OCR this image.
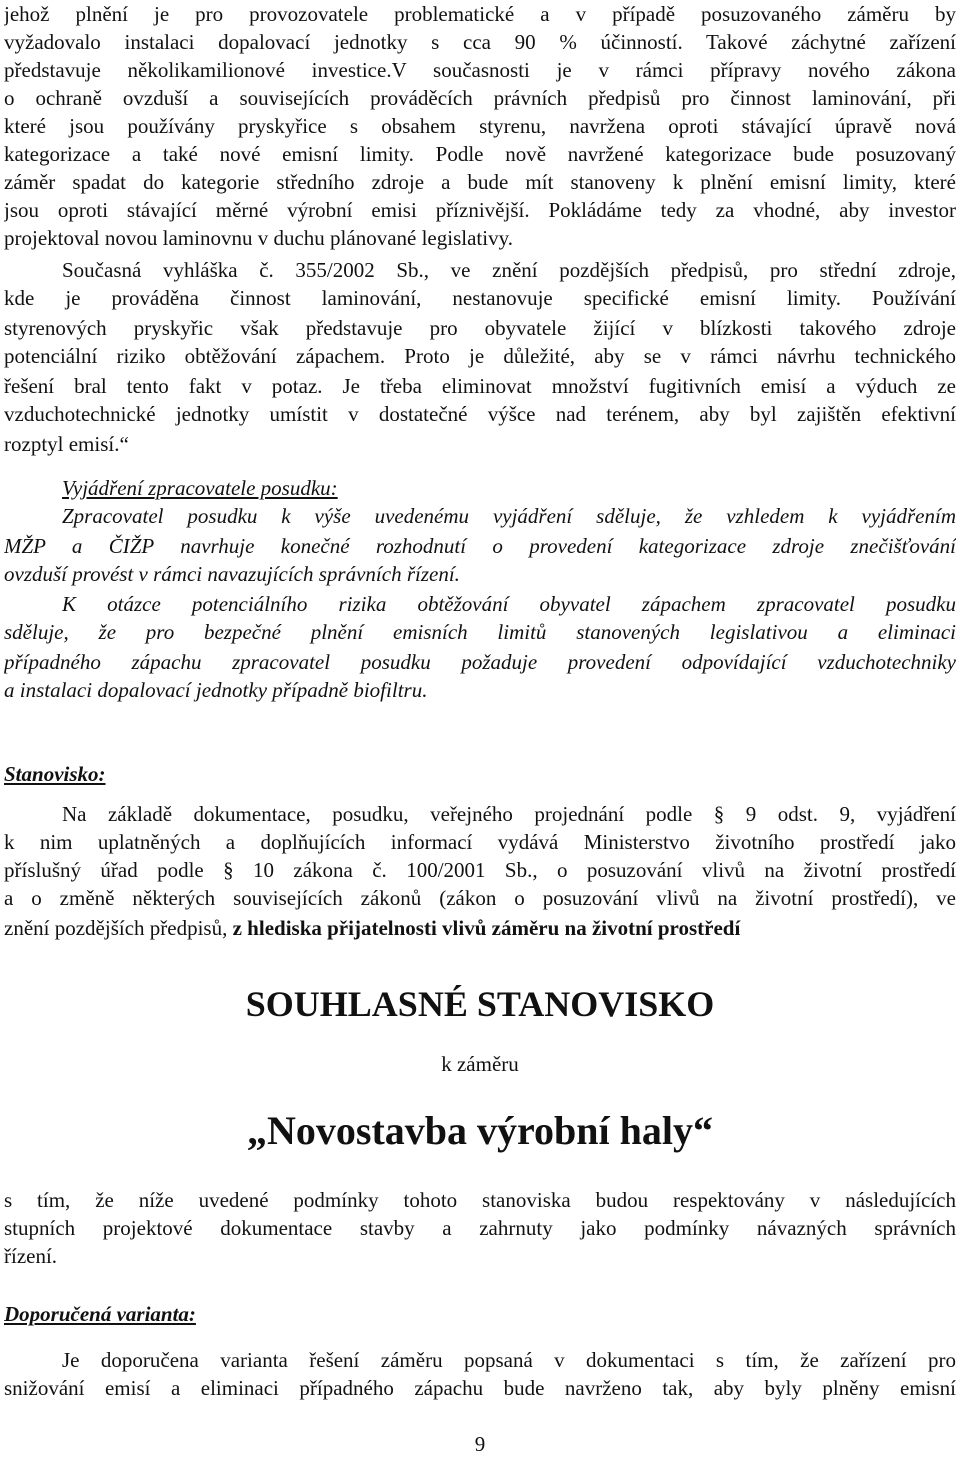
jehož plnění je pro provozovatele problematické a v případě posuzovaného záměru by
vyžadovalo instalaci dopalovací jednotky s cca 90 % účinností. Takové záchytné zařízení
představuje několikamilionové investice.V současnosti je v rámci přípravy nového zákona
o ochraně ovzduší a souvisejících prováděcích právních předpisů pro činnost laminování, při
které jsou používány pryskyřice s obsahem styrenu, navržena oproti stávající úpravě nová
kategorizace a také nové emisní limity. Podle nově navržené kategorizace bude posuzovaný
záměr spadat do kategorie středního zdroje a bude mít stanoveny k plnění emisní limity, které
jsou oproti stávající měrné výrobní emisi příznivější. Pokládáme tedy za vhodné, aby investor
projektoval novou laminovnu v duchu plánované legislativy.
Současná vyhláška č. 355/2002 Sb., ve znění pozdějších předpisů, pro střední zdroje,
kde je prováděna činnost laminování, nestanovuje specifické emisní limity. Používání
styrenových pryskyřic však představuje pro obyvatele žijící v blízkosti takového zdroje
potenciální riziko obtěžování zápachem. Proto je důležité, aby se v rámci návrhu technického
řešení bral tento fakt v potaz. Je třeba eliminovat množství fugitivních emisí a výduch ze
vzduchotechnické jednotky umístit v dostatečné výšce nad terénem, aby byl zajištěn efektivní
rozptyl emisí.“
Vyjádření zpracovatele posudku:
Zpracovatel posudku k výše uvedenému vyjádření sděluje, že vzhledem k vyjádřením
MŽP a ČIŽP navrhuje konečné rozhodnutí o provedení kategorizace zdroje znečišťování
ovzduší provést v rámci navazujících správních řízení.
K otázce potenciálního rizika obtěžování obyvatel zápachem zpracovatel posudku
sděluje, že pro bezpečné plnění emisních limitů stanovených legislativou a eliminaci
případného zápachu zpracovatel posudku požaduje provedení odpovídající vzduchotechniky
a instalaci dopalovací jednotky případně biofiltru.
Stanovisko:
Na základě dokumentace, posudku, veřejného projednání podle § 9 odst. 9, vyjádření
k nim uplatněných a doplňujících informací vydává Ministerstvo životního prostředí jako
příslušný úřad podle § 10 zákona č. 100/2001 Sb., o posuzování vlivů na životní prostředí
a o změně některých souvisejících zákonů (zákon o posuzování vlivů na životní prostředí), ve
znění pozdějších předpisů, z hlediska přijatelnosti vlivů záměru na životní prostředí
SOUHLASNÉ STANOVISKO
k záměru
„Novostavba výrobní haly“
s tím, že níže uvedené podmínky tohoto stanoviska budou respektovány v následujících
stupních projektové dokumentace stavby a zahrnuty jako podmínky návazných správních
řízení.
Doporučená varianta:
Je doporučena varianta řešení záměru popsaná v dokumentaci s tím, že zařízení pro
snižování emisí a eliminaci případného zápachu bude navrženo tak, aby byly plněny emisní
9
